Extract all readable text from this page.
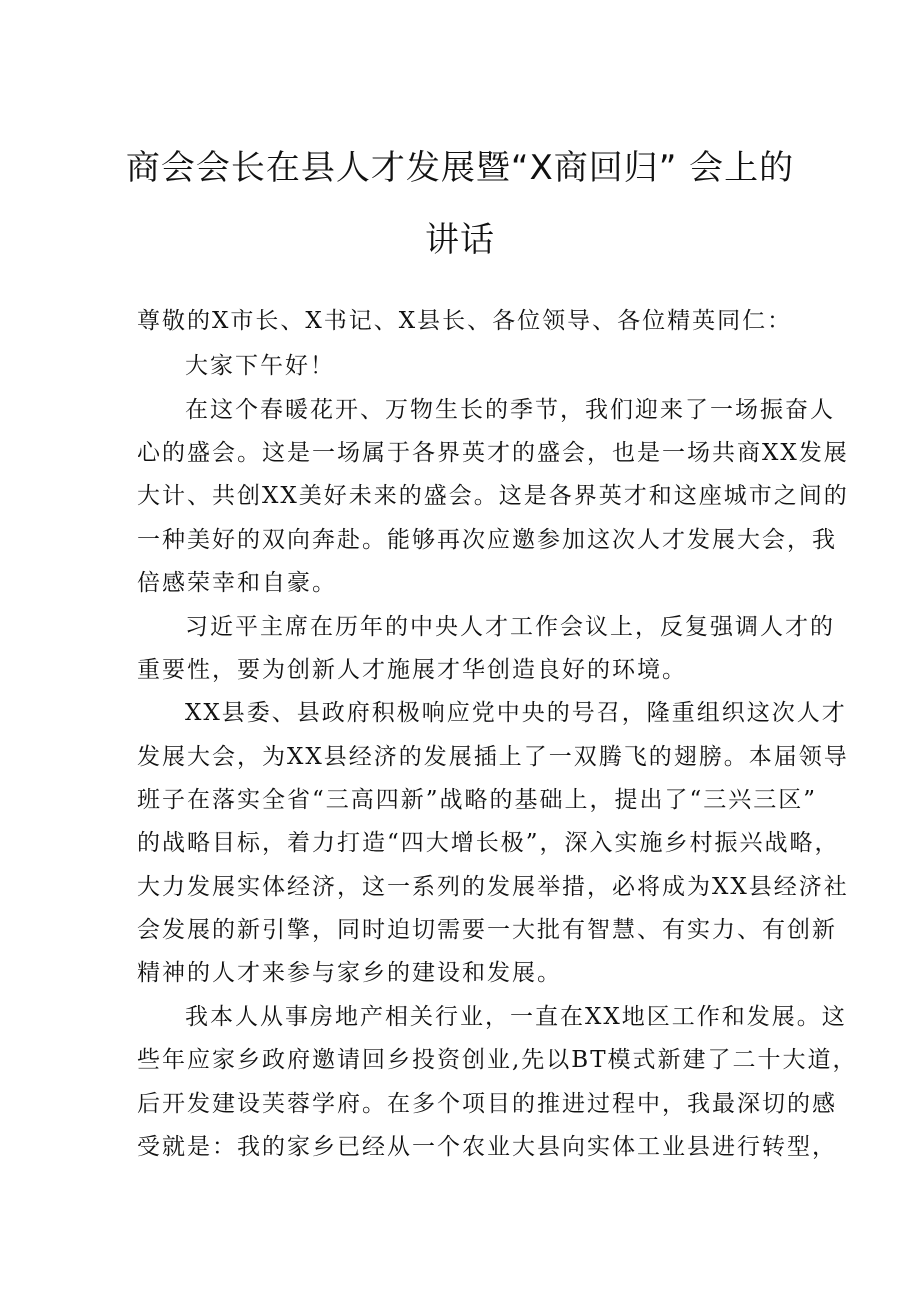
商会会长在县人才发展暨“X商回归” 会上的
讲话
尊敬的X市长、X书记、X县长、各位领导、各位精英同仁：
大家下午好！
在这个春暖花开、万物生长的季节，我们迎来了一场振奋人
心的盛会。这是一场属于各界英才的盛会，也是一场共商XX发展
大计、共创XX美好未来的盛会。这是各界英才和这座城市之间的
一种美好的双向奔赴。能够再次应邀参加这次人才发展大会，我
倍感荣幸和自豪。
习近平主席在历年的中央人才工作会议上，反复强调人才的
重要性，要为创新人才施展才华创造良好的环境。
XX县委、县政府积极响应党中央的号召，隆重组织这次人才
发展大会，为XX县经济的发展插上了一双腾飞的翅膀。本届领导
班子在落实全省“三高四新”战略的基础上，提出了“三兴三区”
的战略目标，着力打造“四大增长极”，深入实施乡村振兴战略，
大力发展实体经济，这一系列的发展举措，必将成为XX县经济社
会发展的新引擎，同时迫切需要一大批有智慧、有实力、有创新
精神的人才来参与家乡的建设和发展。
我本人从事房地产相关行业，一直在XX地区工作和发展。这
些年应家乡政府邀请回乡投资创业,先以BT模式新建了二十大道，
后开发建设芙蓉学府。在多个项目的推进过程中，我最深切的感
受就是：我的家乡已经从一个农业大县向实体工业县进行转型，
